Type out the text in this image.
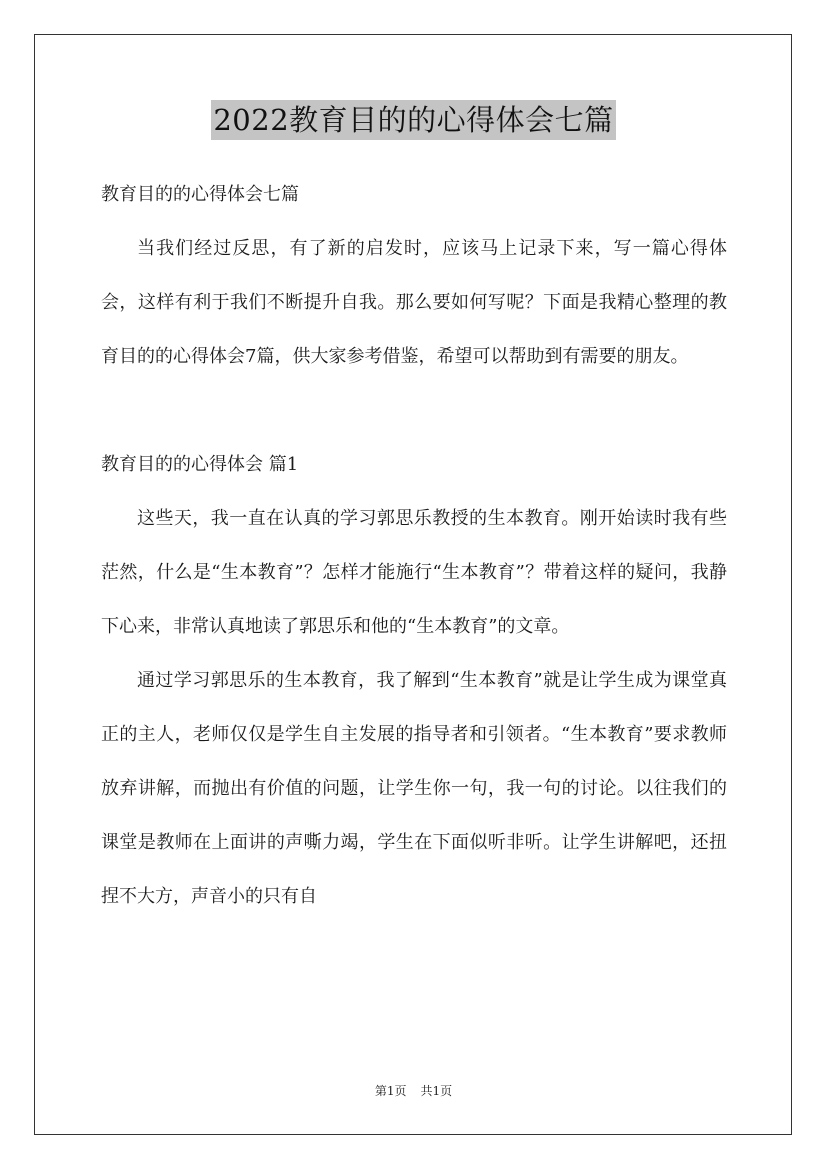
2022教育目的的心得体会七篇

教育目的的心得体会七篇

当我们经过反思，有了新的启发时，应该马上记录下来，写一篇心得体会，这样有利于我们不断提升自我。那么要如何写呢？下面是我精心整理的教育目的的心得体会7篇，供大家参考借鉴，希望可以帮助到有需要的朋友。

教育目的的心得体会 篇1

这些天，我一直在认真的学习郭思乐教授的生本教育。刚开始读时我有些茫然，什么是“生本教育”？怎样才能施行“生本教育”？带着这样的疑问，我静下心来，非常认真地读了郭思乐和他的“生本教育”的文章。

通过学习郭思乐的生本教育，我了解到“生本教育”就是让学生成为课堂真正的主人，老师仅仅是学生自主发展的指导者和引领者。“生本教育”要求教师放弃讲解，而抛出有价值的问题，让学生你一句，我一句的讨论。以往我们的课堂是教师在上面讲的声嘶力竭，学生在下面似听非听。让学生讲解吧，还扭捏不大方，声音小的只有自

第1页 共1页
